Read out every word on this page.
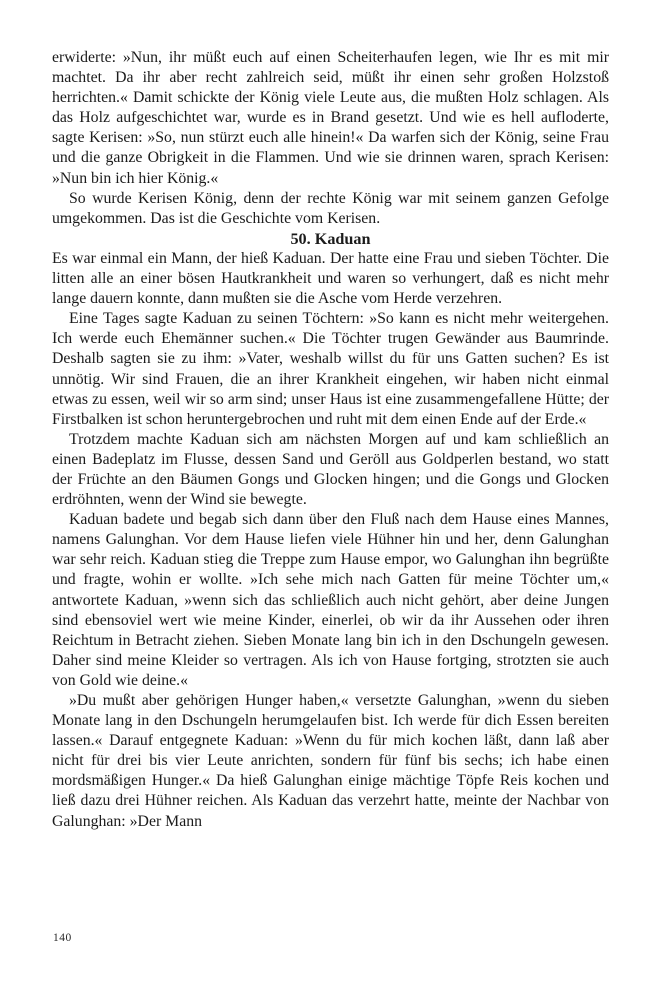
erwiderte: »Nun, ihr müßt euch auf einen Scheiterhaufen legen, wie Ihr es mit mir machtet. Da ihr aber recht zahlreich seid, müßt ihr einen sehr großen Holzstoß herrichten.« Damit schickte der König viele Leute aus, die mußten Holz schlagen. Als das Holz aufgeschichtet war, wurde es in Brand gesetzt. Und wie es hell aufloderte, sagte Kerisen: »So, nun stürzt euch alle hinein!« Da warfen sich der König, seine Frau und die ganze Obrigkeit in die Flammen. Und wie sie drinnen waren, sprach Kerisen: »Nun bin ich hier König.«

So wurde Kerisen König, denn der rechte König war mit seinem ganzen Gefolge umgekommen. Das ist die Geschichte vom Kerisen.

50. Kaduan

Es war einmal ein Mann, der hieß Kaduan. Der hatte eine Frau und sieben Töchter. Die litten alle an einer bösen Hautkrankheit und waren so verhungert, daß es nicht mehr lange dauern konnte, dann mußten sie die Asche vom Herde verzehren.

Eine Tages sagte Kaduan zu seinen Töchtern: »So kann es nicht mehr weitergehen. Ich werde euch Ehemänner suchen.« Die Töchter trugen Gewänder aus Baumrinde. Deshalb sagten sie zu ihm: »Vater, weshalb willst du für uns Gatten suchen? Es ist unnötig. Wir sind Frauen, die an ihrer Krankheit eingehen, wir haben nicht einmal etwas zu essen, weil wir so arm sind; unser Haus ist eine zusammengefallene Hütte; der Firstbalken ist schon heruntergebrochen und ruht mit dem einen Ende auf der Erde.«

Trotzdem machte Kaduan sich am nächsten Morgen auf und kam schließlich an einen Badeplatz im Flusse, dessen Sand und Geröll aus Goldperlen bestand, wo statt der Früchte an den Bäumen Gongs und Glocken hingen; und die Gongs und Glocken erdröhnten, wenn der Wind sie bewegte.

Kaduan badete und begab sich dann über den Fluß nach dem Hause eines Mannes, namens Galunghan. Vor dem Hause liefen viele Hühner hin und her, denn Galunghan war sehr reich. Kaduan stieg die Treppe zum Hause empor, wo Galunghan ihn begrüßte und fragte, wohin er wollte. »Ich sehe mich nach Gatten für meine Töchter um,« antwortete Kaduan, »wenn sich das schließlich auch nicht gehört, aber deine Jungen sind ebensoviel wert wie meine Kinder, einerlei, ob wir da ihr Aussehen oder ihren Reichtum in Betracht ziehen. Sieben Monate lang bin ich in den Dschungeln gewesen. Daher sind meine Kleider so vertragen. Als ich von Hause fortging, strotzten sie auch von Gold wie deine.«

»Du mußt aber gehörigen Hunger haben,« versetzte Galunghan, »wenn du sieben Monate lang in den Dschungeln herumgelaufen bist. Ich werde für dich Essen bereiten lassen.« Darauf entgegnete Kaduan: »Wenn du für mich kochen läßt, dann laß aber nicht für drei bis vier Leute anrichten, sondern für fünf bis sechs; ich habe einen mordsmäßigen Hunger.« Da hieß Galunghan einige mächtige Töpfe Reis kochen und ließ dazu drei Hühner reichen. Als Kaduan das verzehrt hatte, meinte der Nachbar von Galunghan: »Der Mann

140
